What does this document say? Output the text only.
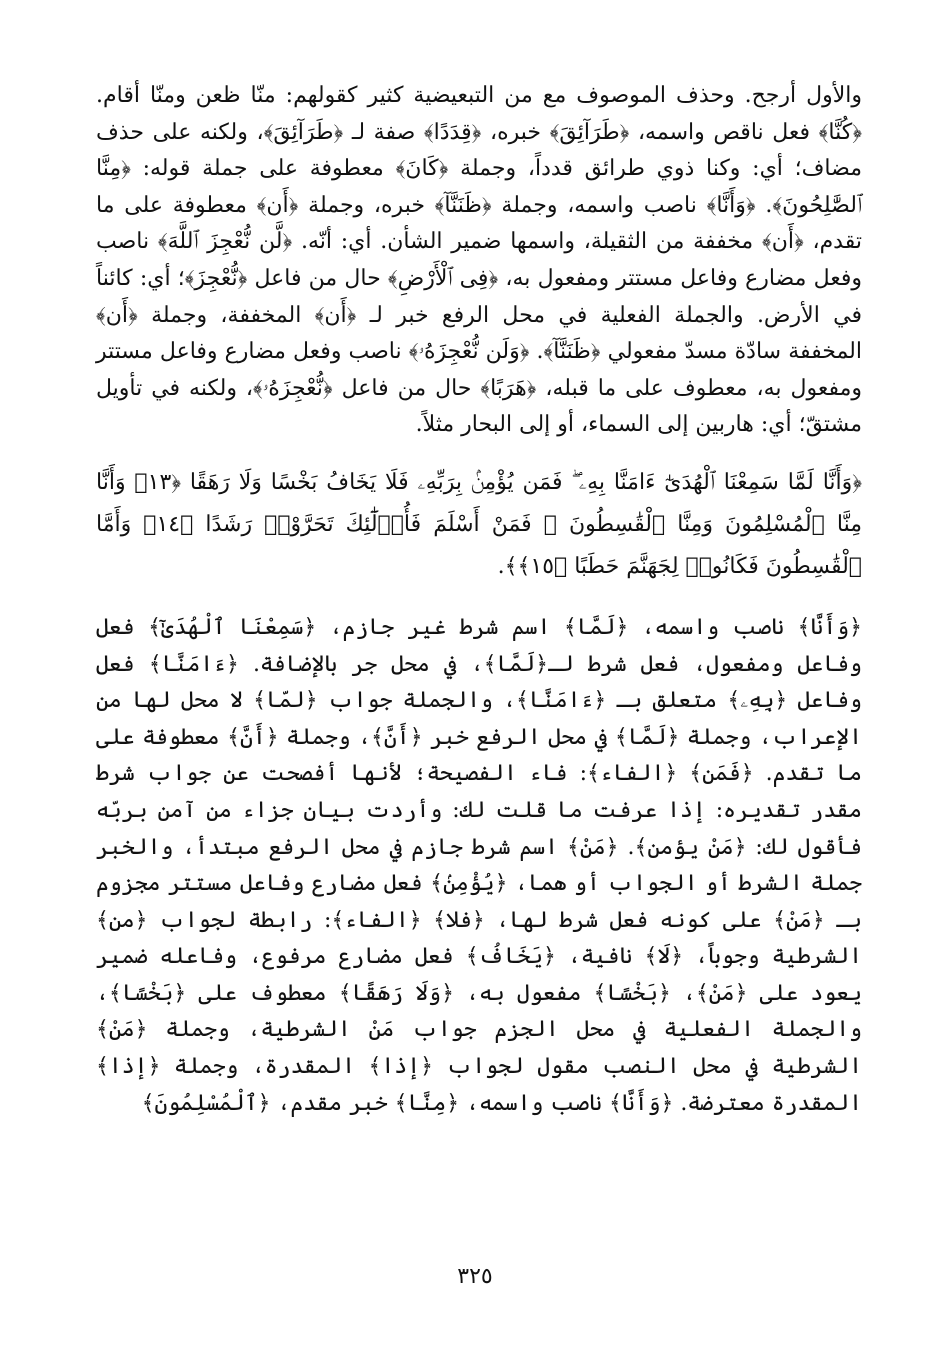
والأول أرجح. وحذف الموصوف مع من التبعيضية كثير كقولهم: منّا ظعن ومنّا أقام. ﴿كُنَّا﴾ فعل ناقص واسمه، ﴿طَرَآئِقَ﴾ خبره، ﴿قِدَدًا﴾ صفة لـ ﴿طَرَآئِقَ﴾، ولكنه على حذف مضاف؛ أي: وكنا ذوي طرائق قدداً، وجملة ﴿كَانَ﴾ معطوفة على جملة قوله: ﴿مِنَّا ٱلصَّٰلِحُونَ﴾. ﴿وَأَنَّا﴾ ناصب واسمه، وجملة ﴿ظَنَنَّآ﴾ خبره، وجملة ﴿أَن﴾ معطوفة على ما تقدم، ﴿أَن﴾ مخففة من الثقيلة، واسمها ضمير الشأن. أي: أنّه. ﴿لَّن نُّعْجِزَ ٱللَّهَ﴾ ناصب وفعل مضارع وفاعل مستتر ومفعول به، ﴿فِى ٱلْأَرْضِ﴾ حال من فاعل ﴿نُّعْجِزَ﴾؛ أي: كائناً في الأرض. والجملة الفعلية في محل الرفع خبر لـ ﴿أَن﴾ المخففة، وجملة ﴿أَن﴾ المخففة سادّة مسدّ مفعولي ﴿ظَنَنَّآ﴾. ﴿وَلَن نُّعْجِزَهُۥ﴾ ناصب وفعل مضارع وفاعل مستتر ومفعول به، معطوف على ما قبله، ﴿هَرَبًا﴾ حال من فاعل ﴿نُّعْجِزَهُۥ﴾، ولكنه في تأويل مشتقّ؛ أي: هاربين إلى السماء، أو إلى البحار مثلاً.

﴿وَأَنَّا لَمَّا سَمِعْنَا ٱلْهُدَىٰٓ ءَامَنَّا بِهِۦ ۖ فَمَن يُؤْمِنۢ بِرَبِّهِۦ فَلَا يَخَافُ بَخْسًا وَلَا رَهَقًا ﴿١٣﴾ وَأَنَّا مِنَّا ٱلْمُسْلِمُونَ وَمِنَّا ٱلْقَٰسِطُونَ ۖ فَمَنْ أَسْلَمَ فَأُو۟لَٰٓئِكَ تَحَرَّوْا۟ رَشَدًا ﴿١٤﴾ وَأَمَّا ٱلْقَٰسِطُونَ فَكَانُوا۟ لِجَهَنَّمَ حَطَبًا ﴿١٥﴾﴾.

﴿وَأَنَّا﴾ ناصب واسمه، ﴿لَمَّا﴾ اسم شرط غير جازم، ﴿سَمِعْنَا ٱلْهُدَىٰٓ﴾ فعل وفاعل ومفعول، فعل شرط لـ﴿لَمَّا﴾، في محل جر بالإضافة. ﴿ءَامَنَّا﴾ فعل وفاعل ﴿بِهِۦ﴾ متعلق بـ ﴿ءَامَنَّا﴾، والجملة جواب ﴿لمّا﴾ لا محل لها من الإعراب، وجملة ﴿لَمَّا﴾ في محل الرفع خبر ﴿أَنَّ﴾، وجملة ﴿أَنَّ﴾ معطوفة على ما تقدم. ﴿فَمَن﴾ ﴿الفاء﴾: فاء الفصيحة؛ لأنها أفصحت عن جواب شرط مقدر تقديره: إذا عرفت ما قلت لك: وأردت بيان جزاء من آمن بربّه فأقول لك: ﴿مَنْ يؤمن﴾. ﴿مَنْ﴾ اسم شرط جازم في محل الرفع مبتدأ، والخبر جملة الشرط أو الجواب أو هما، ﴿يُؤْمِنۢ﴾ فعل مضارع وفاعل مستتر مجزوم بـ ﴿مَنْ﴾ على كونه فعل شرط لها، ﴿فلا﴾ ﴿الفاء﴾: رابطة لجواب ﴿من﴾ الشرطية وجوباً، ﴿لَا﴾ نافية، ﴿يَخَافُ﴾ فعل مضارع مرفوع، وفاعله ضمير يعود على ﴿مَنْ﴾، ﴿بَخْسًا﴾ مفعول به، ﴿وَلَا رَهَقًا﴾ معطوف على ﴿بَخْسًا﴾، والجملة الفعلية في محل الجزم جواب مَنْ الشرطية، وجملة ﴿مَنْ﴾ الشرطية في محل النصب مقول لجواب ﴿إذا﴾ المقدرة، وجملة ﴿إذا﴾ المقدرة معترضة. ﴿وَأَنَّا﴾ ناصب واسمه، ﴿مِنَّا﴾ خبر مقدم، ﴿ٱلْمُسْلِمُونَ﴾

٣٢٥
